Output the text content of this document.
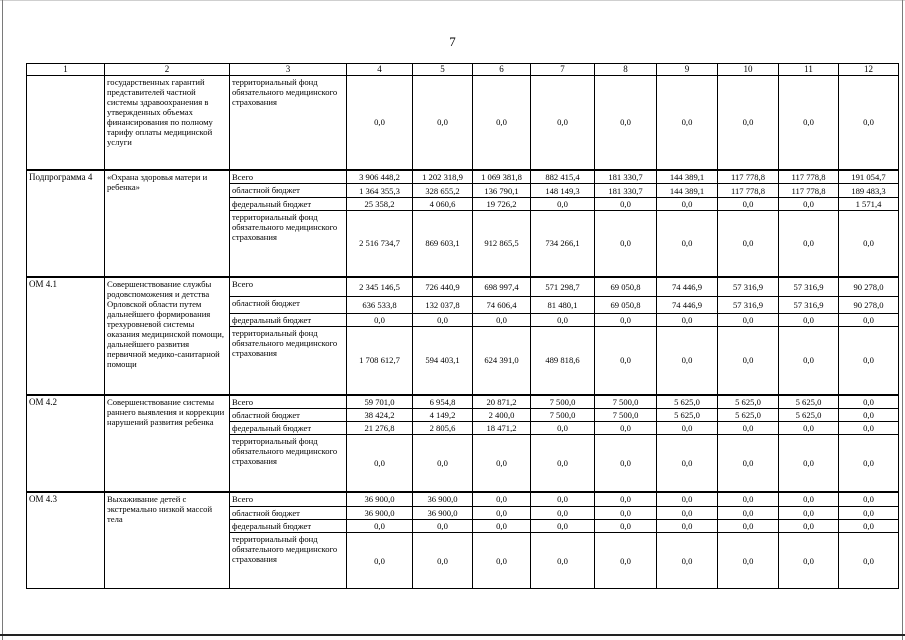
7
1	2	3	4	5	6	7	8	9	10	11	12
	государственных гарантий представителей частной системы здравоохранения в утвержденных объемах финансирования по полному тарифу оплаты медицинской услуги	территориальный фонд обязательного медицинского страхования	0,0	0,0	0,0	0,0	0,0	0,0	0,0	0,0	0,0
Подпрограмма 4	«Охрана здоровья матери и ребенка»	Всего	3 906 448,2	1 202 318,9	1 069 381,8	882 415,4	181 330,7	144 389,1	117 778,8	117 778,8	191 054,7
		областной бюджет	1 364 355,3	328 655,2	136 790,1	148 149,3	181 330,7	144 389,1	117 778,8	117 778,8	189 483,3
		федеральный бюджет	25 358,2	4 060,6	19 726,2	0,0	0,0	0,0	0,0	0,0	1 571,4
		территориальный фонд обязательного медицинского страхования	2 516 734,7	869 603,1	912 865,5	734 266,1	0,0	0,0	0,0	0,0	0,0
ОМ 4.1	Совершенствование службы родовспоможения и детства Орловской области путем дальнейшего формирования трехуровневой системы оказания медицинской помощи, дальнейшего развития первичной медико-санитарной помощи	Всего	2 345 146,5	726 440,9	698 997,4	571 298,7	69 050,8	74 446,9	57 316,9	57 316,9	90 278,0
		областной бюджет	636 533,8	132 037,8	74 606,4	81 480,1	69 050,8	74 446,9	57 316,9	57 316,9	90 278,0
		федеральный бюджет	0,0	0,0	0,0	0,0	0,0	0,0	0,0	0,0	0,0
		территориальный фонд обязательного медицинского страхования	1 708 612,7	594 403,1	624 391,0	489 818,6	0,0	0,0	0,0	0,0	0,0
ОМ 4.2	Совершенствование системы раннего выявления и коррекции нарушений развития ребенка	Всего	59 701,0	6 954,8	20 871,2	7 500,0	7 500,0	5 625,0	5 625,0	5 625,0	0,0
		областной бюджет	38 424,2	4 149,2	2 400,0	7 500,0	7 500,0	5 625,0	5 625,0	5 625,0	0,0
		федеральный бюджет	21 276,8	2 805,6	18 471,2	0,0	0,0	0,0	0,0	0,0	0,0
		территориальный фонд обязательного медицинского страхования	0,0	0,0	0,0	0,0	0,0	0,0	0,0	0,0	0,0
ОМ 4.3	Выхаживание детей с экстремально низкой массой тела	Всего	36 900,0	36 900,0	0,0	0,0	0,0	0,0	0,0	0,0	0,0
		областной бюджет	36 900,0	36 900,0	0,0	0,0	0,0	0,0	0,0	0,0	0,0
		федеральный бюджет	0,0	0,0	0,0	0,0	0,0	0,0	0,0	0,0	0,0
		территориальный фонд обязательного медицинского страхования	0,0	0,0	0,0	0,0	0,0	0,0	0,0	0,0	0,0
